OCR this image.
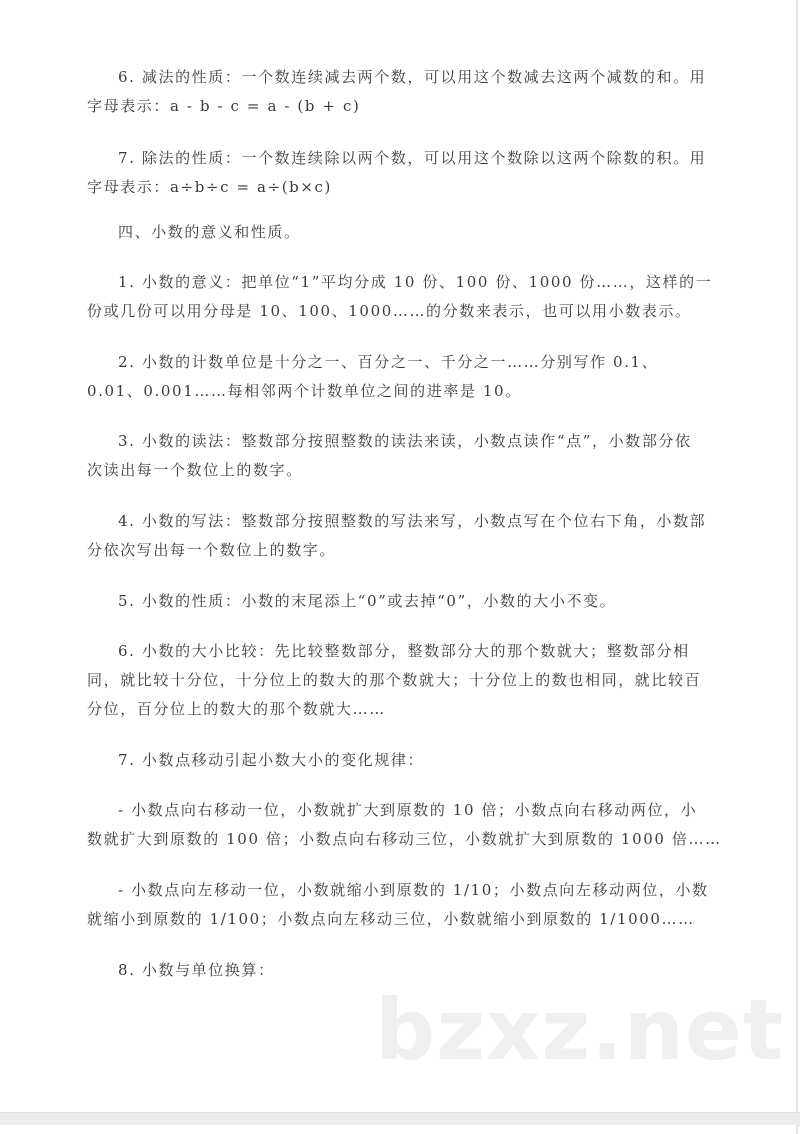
6. 减法的性质：一个数连续减去两个数，可以用这个数减去这两个减数的和。用
字母表示：a - b - c = a - (b + c)
7. 除法的性质：一个数连续除以两个数，可以用这个数除以这两个除数的积。用
字母表示：a÷b÷c = a÷(b×c)
四、小数的意义和性质。
1. 小数的意义：把单位“1”平均分成 10 份、100 份、1000 份……，这样的一
份或几份可以用分母是 10、100、1000……的分数来表示，也可以用小数表示。
2. 小数的计数单位是十分之一、百分之一、千分之一……分别写作 0.1、
0.01、0.001……每相邻两个计数单位之间的进率是 10。
3. 小数的读法：整数部分按照整数的读法来读，小数点读作“点”，小数部分依
次读出每一个数位上的数字。
4. 小数的写法：整数部分按照整数的写法来写，小数点写在个位右下角，小数部
分依次写出每一个数位上的数字。
5. 小数的性质：小数的末尾添上“0”或去掉“0”，小数的大小不变。
6. 小数的大小比较：先比较整数部分，整数部分大的那个数就大；整数部分相
同，就比较十分位，十分位上的数大的那个数就大；十分位上的数也相同，就比较百
分位，百分位上的数大的那个数就大……
7. 小数点移动引起小数大小的变化规律：
- 小数点向右移动一位，小数就扩大到原数的 10 倍；小数点向右移动两位，小
数就扩大到原数的 100 倍；小数点向右移动三位，小数就扩大到原数的 1000 倍……
- 小数点向左移动一位，小数就缩小到原数的 1/10；小数点向左移动两位，小数
就缩小到原数的 1/100；小数点向左移动三位，小数就缩小到原数的 1/1000……
8. 小数与单位换算：
bzxz.net
